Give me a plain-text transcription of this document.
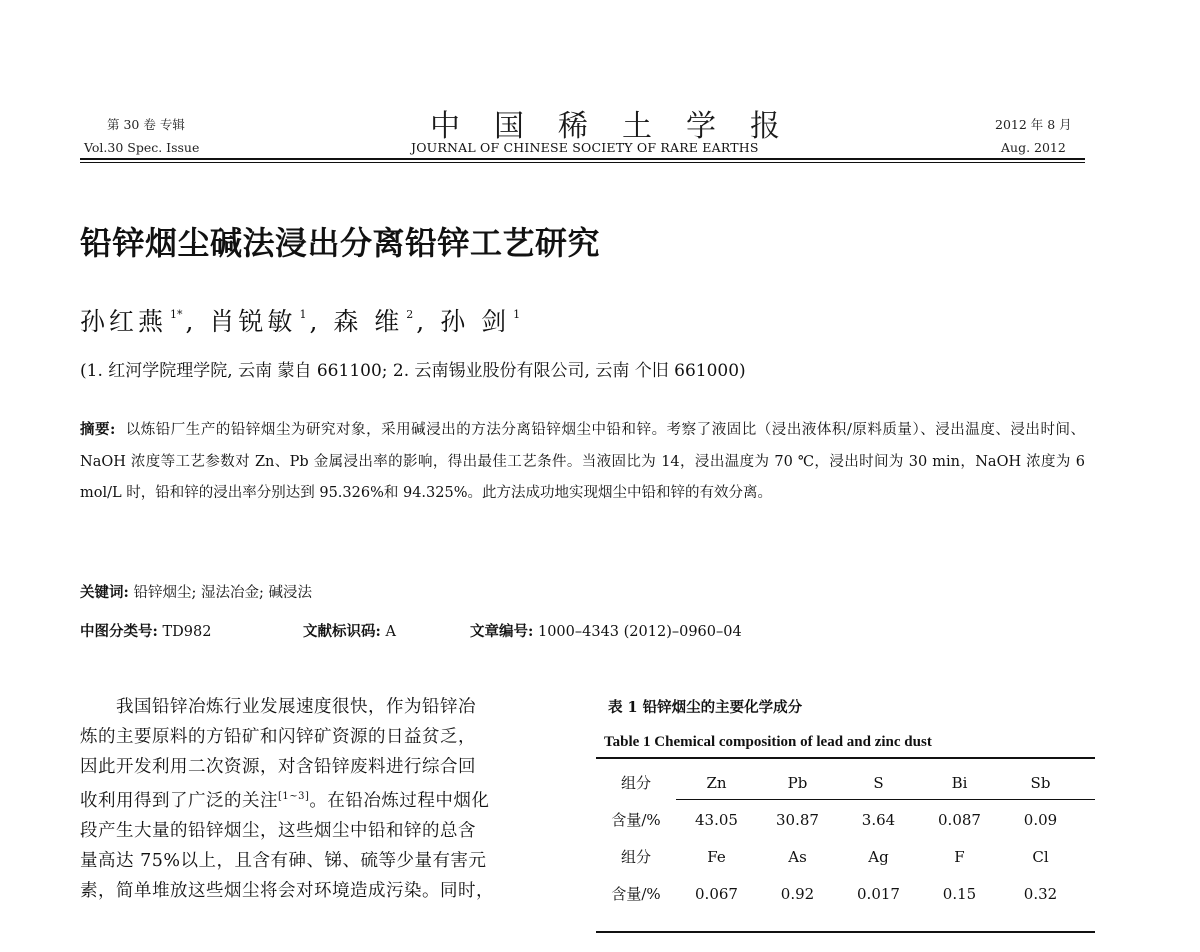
第 30 卷 专辑
Vol.30 Spec. Issue
中国稀土学报
JOURNAL OF CHINESE SOCIETY OF RARE EARTHS
2012 年 8 月
Aug. 2012
铅锌烟尘碱法浸出分离铅锌工艺研究
孙红燕 $^{1*}$ , 肖锐敏 $^1$ , 森 维 $^2$ , 孙 剑 $^1$
(1. 红河学院理学院, 云南 蒙自 661100; 2. 云南锡业股份有限公司, 云南 个旧 661000)
摘要: 以炼铅厂生产的铅锌烟尘为研究对象，采用碱浸出的方法分离铅锌烟尘中铅和锌。考察了液固比（浸出液体积/原料质量）、浸出温度、浸出时间、NaOH 浓度等工艺参数对 Zn、Pb 金属浸出率的影响，得出最佳工艺条件。当液固比为 14，浸出温度为 70 ℃，浸出时间为 30 min，NaOH 浓度为 6 mol/L 时，铅和锌的浸出率分别达到 95.326%和 94.325%。此方法成功地实现烟尘中铅和锌的有效分离。
关键词: 铅锌烟尘; 湿法冶金; 碱浸法
中图分类号: TD982	文献标识码: A	文章编号: 1000–4343 (2012)–0960–04
我国铅锌冶炼行业发展速度很快，作为铅锌冶
炼的主要原料的方铅矿和闪锌矿资源的日益贫乏，
因此开发利用二次资源，对含铅锌废料进行综合回
收利用得到了广泛的关注[1~3]。在铅冶炼过程中烟化
段产生大量的铅锌烟尘，这些烟尘中铅和锌的总含
量高达 75%以上，且含有砷、锑、硫等少量有害元
素，简单堆放这些烟尘将会对环境造成污染。同时，
表 1 铅锌烟尘的主要化学成分
Table 1 Chemical composition of lead and zinc dust
组分	Zn	Pb	S	Bi	Sb
含量/%	43.05	30.87	3.64	0.087	0.09
组分	Fe	As	Ag	F	Cl
含量/%	0.067	0.92	0.017	0.15	0.32
